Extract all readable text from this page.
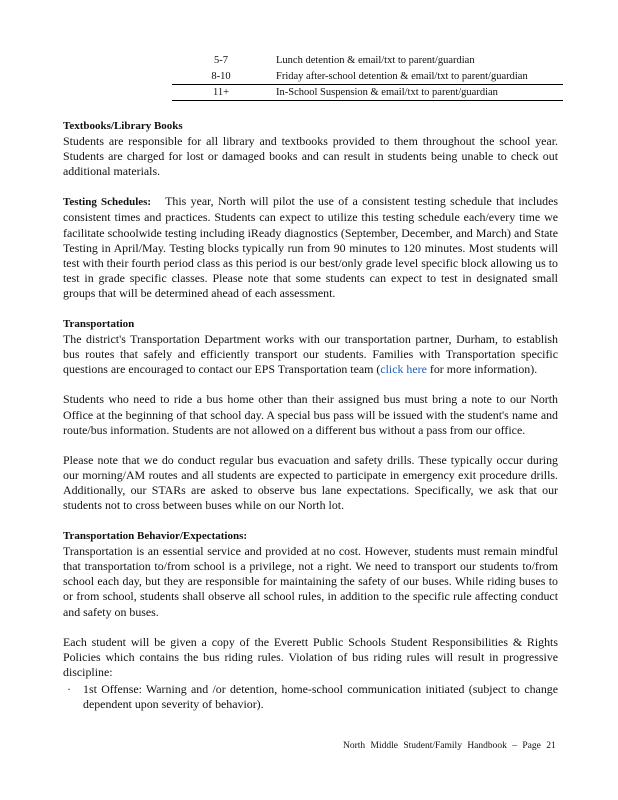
5-7	Lunch detention & email/txt to parent/guardian
8-10	Friday after-school detention & email/txt to parent/guardian
11+	In-School Suspension & email/txt to parent/guardian

Textbooks/Library Books
Students are responsible for all library and textbooks provided to them throughout the school year. Students are charged for lost or damaged books and can result in students being unable to check out additional materials.

Testing Schedules: This year, North will pilot the use of a consistent testing schedule that includes consistent times and practices. Students can expect to utilize this testing schedule each/every time we facilitate schoolwide testing including iReady diagnostics (September, December, and March) and State Testing in April/May. Testing blocks typically run from 90 minutes to 120 minutes. Most students will test with their fourth period class as this period is our best/only grade level specific block allowing us to test in grade specific classes. Please note that some students can expect to test in designated small groups that will be determined ahead of each assessment.

Transportation
The district's Transportation Department works with our transportation partner, Durham, to establish bus routes that safely and efficiently transport our students. Families with Transportation specific questions are encouraged to contact our EPS Transportation team (click here for more information).

Students who need to ride a bus home other than their assigned bus must bring a note to our North Office at the beginning of that school day. A special bus pass will be issued with the student's name and route/bus information. Students are not allowed on a different bus without a pass from our office.

Please note that we do conduct regular bus evacuation and safety drills. These typically occur during our morning/AM routes and all students are expected to participate in emergency exit procedure drills. Additionally, our STARs are asked to observe bus lane expectations. Specifically, we ask that our students not to cross between buses while on our North lot.

Transportation Behavior/Expectations:
Transportation is an essential service and provided at no cost. However, students must remain mindful that transportation to/from school is a privilege, not a right. We need to transport our students to/from school each day, but they are responsible for maintaining the safety of our buses. While riding buses to or from school, students shall observe all school rules, in addition to the specific rule affecting conduct and safety on buses.

Each student will be given a copy of the Everett Public Schools Student Responsibilities & Rights Policies which contains the bus riding rules. Violation of bus riding rules will result in progressive discipline:

· 1st Offense: Warning and /or detention, home-school communication initiated (subject to change dependent upon severity of behavior).
North Middle Student/Family Handbook – Page 21
